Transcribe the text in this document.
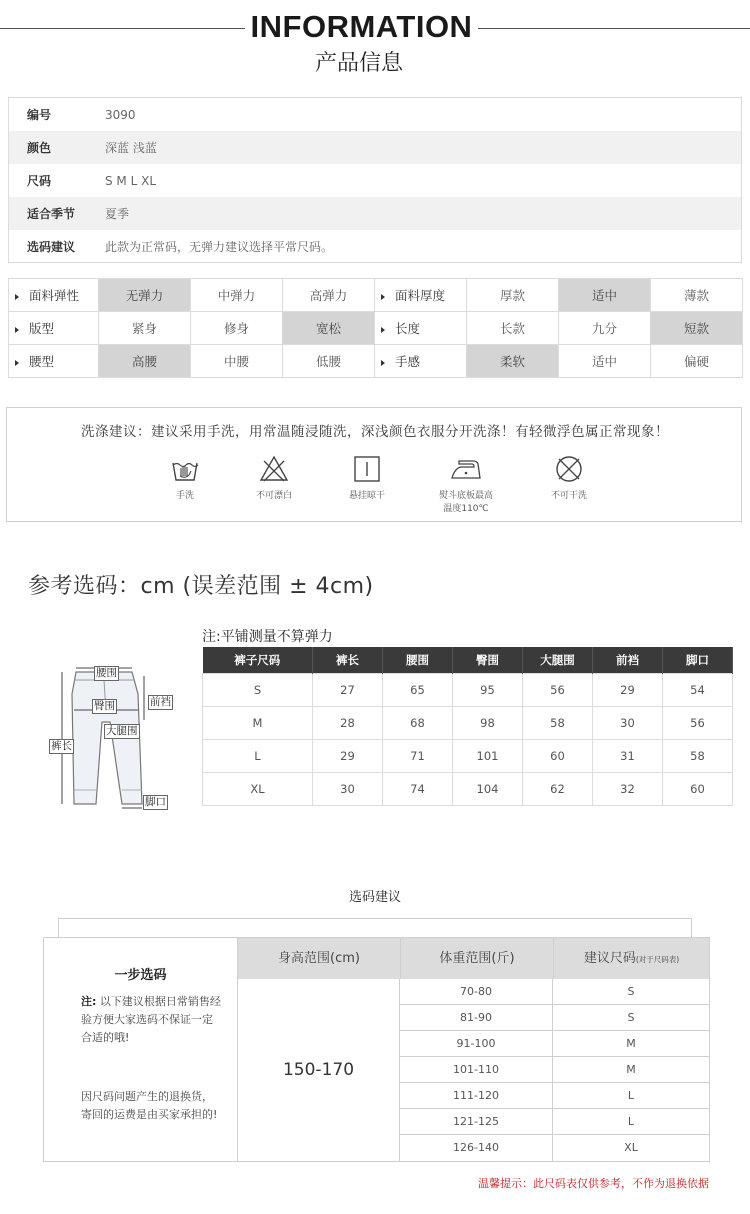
INFORMATION
产品信息
编号	3090
颜色	深蓝 浅蓝
尺码	S M L XL
适合季节	夏季
选码建议	此款为正常码，无弹力建议选择平常尺码。
面料弹性	无弹力	中弹力	高弹力	面料厚度	厚款	适中	薄款
版型	紧身	修身	宽松	长度	长款	九分	短款
腰型	高腰	中腰	低腰	手感	柔软	适中	偏硬
洗涤建议：建议采用手洗，用常温随浸随洗，深浅颜色衣服分开洗涤！有轻微浮色属正常现象！
手洗	不可漂白	悬挂晾干	熨斗底板最高
温度110℃
不可干洗
参考选码：cm (误差范围 ± 4cm)
注:平铺测量不算弹力
腰围
臀围	前裆
裤长
大腿围
脚口
裤子尺码	裤长	腰围	臀围	大腿围	前裆	脚口
S	27	65	95	56	29	54
M	28	68	98	58	30	56
L	29	71	101	60	31	58
XL	30	74	104	62	32	60
选码建议
一步选码
注: 以下建议根据日常销售经验方便大家选码不保证一定合适的哦!
因尺码问题产生的退换货，寄回的运费是由买家承担的!
身高范围(cm)	体重范围(斤)	建议尺码(对于尺码表)
150-170
70-80	S
81-90	S
91-100	M
101-110	M
111-120	L
121-125	L
126-140	XL
温馨提示：此尺码表仅供参考，不作为退换依据
